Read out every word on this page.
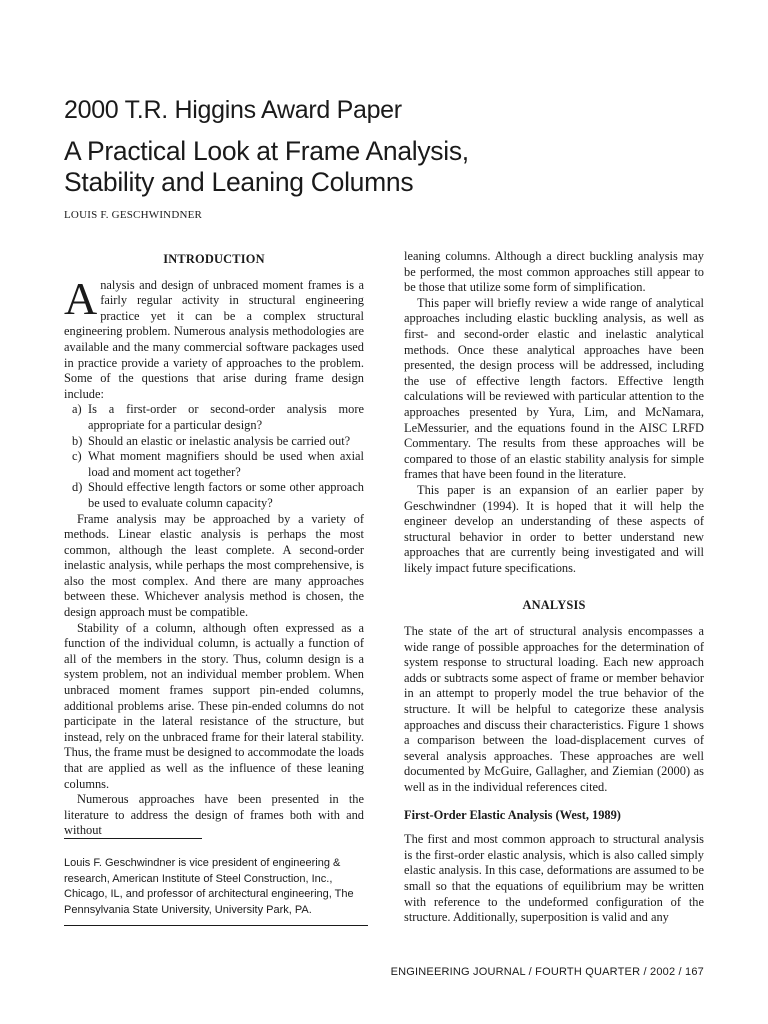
2000 T.R. Higgins Award Paper
A Practical Look at Frame Analysis,
Stability and Leaning Columns
LOUIS F. GESCHWINDNER
INTRODUCTION

Analysis and design of unbraced moment frames is a fairly regular activity in structural engineering practice yet it can be a complex structural engineering problem. Numerous analysis methodologies are available and the many commercial software packages used in practice provide a variety of approaches to the problem. Some of the questions that arise during frame design include:

a) Is a first-order or second-order analysis more appropriate for a particular design?
b) Should an elastic or inelastic analysis be carried out?
c) What moment magnifiers should be used when axial load and moment act together?
d) Should effective length factors or some other approach be used to evaluate column capacity?

Frame analysis may be approached by a variety of methods. Linear elastic analysis is perhaps the most common, although the least complete. A second-order inelastic analysis, while perhaps the most comprehensive, is also the most complex. And there are many approaches between these. Whichever analysis method is chosen, the design approach must be compatible.

Stability of a column, although often expressed as a function of the individual column, is actually a function of all of the members in the story. Thus, column design is a system problem, not an individual member problem. When unbraced moment frames support pin-ended columns, additional problems arise. These pin-ended columns do not participate in the lateral resistance of the structure, but instead, rely on the unbraced frame for their lateral stability. Thus, the frame must be designed to accommodate the loads that are applied as well as the influence of these leaning columns.

Numerous approaches have been presented in the literature to address the design of frames both with and without

leaning columns. Although a direct buckling analysis may be performed, the most common approaches still appear to be those that utilize some form of simplification.

This paper will briefly review a wide range of analytical approaches including elastic buckling analysis, as well as first- and second-order elastic and inelastic analytical methods. Once these analytical approaches have been presented, the design process will be addressed, including the use of effective length factors. Effective length calculations will be reviewed with particular attention to the approaches presented by Yura, Lim, and McNamara, LeMessurier, and the equations found in the AISC LRFD Commentary. The results from these approaches will be compared to those of an elastic stability analysis for simple frames that have been found in the literature.

This paper is an expansion of an earlier paper by Geschwindner (1994). It is hoped that it will help the engineer develop an understanding of these aspects of structural behavior in order to better understand new approaches that are currently being investigated and will likely impact future specifications.

ANALYSIS

The state of the art of structural analysis encompasses a wide range of possible approaches for the determination of system response to structural loading. Each new approach adds or subtracts some aspect of frame or member behavior in an attempt to properly model the true behavior of the structure. It will be helpful to categorize these analysis approaches and discuss their characteristics. Figure 1 shows a comparison between the load-displacement curves of several analysis approaches. These approaches are well documented by McGuire, Gallagher, and Ziemian (2000) as well as in the individual references cited.

First-Order Elastic Analysis (West, 1989)

The first and most common approach to structural analysis is the first-order elastic analysis, which is also called simply elastic analysis. In this case, deformations are assumed to be small so that the equations of equilibrium may be written with reference to the undeformed configuration of the structure. Additionally, superposition is valid and any

Louis F. Geschwindner is vice president of engineering & research, American Institute of Steel Construction, Inc., Chicago, IL, and professor of architectural engineering, The Pennsylvania State University, University Park, PA.
ENGINEERING JOURNAL / FOURTH QUARTER / 2002 / 167
